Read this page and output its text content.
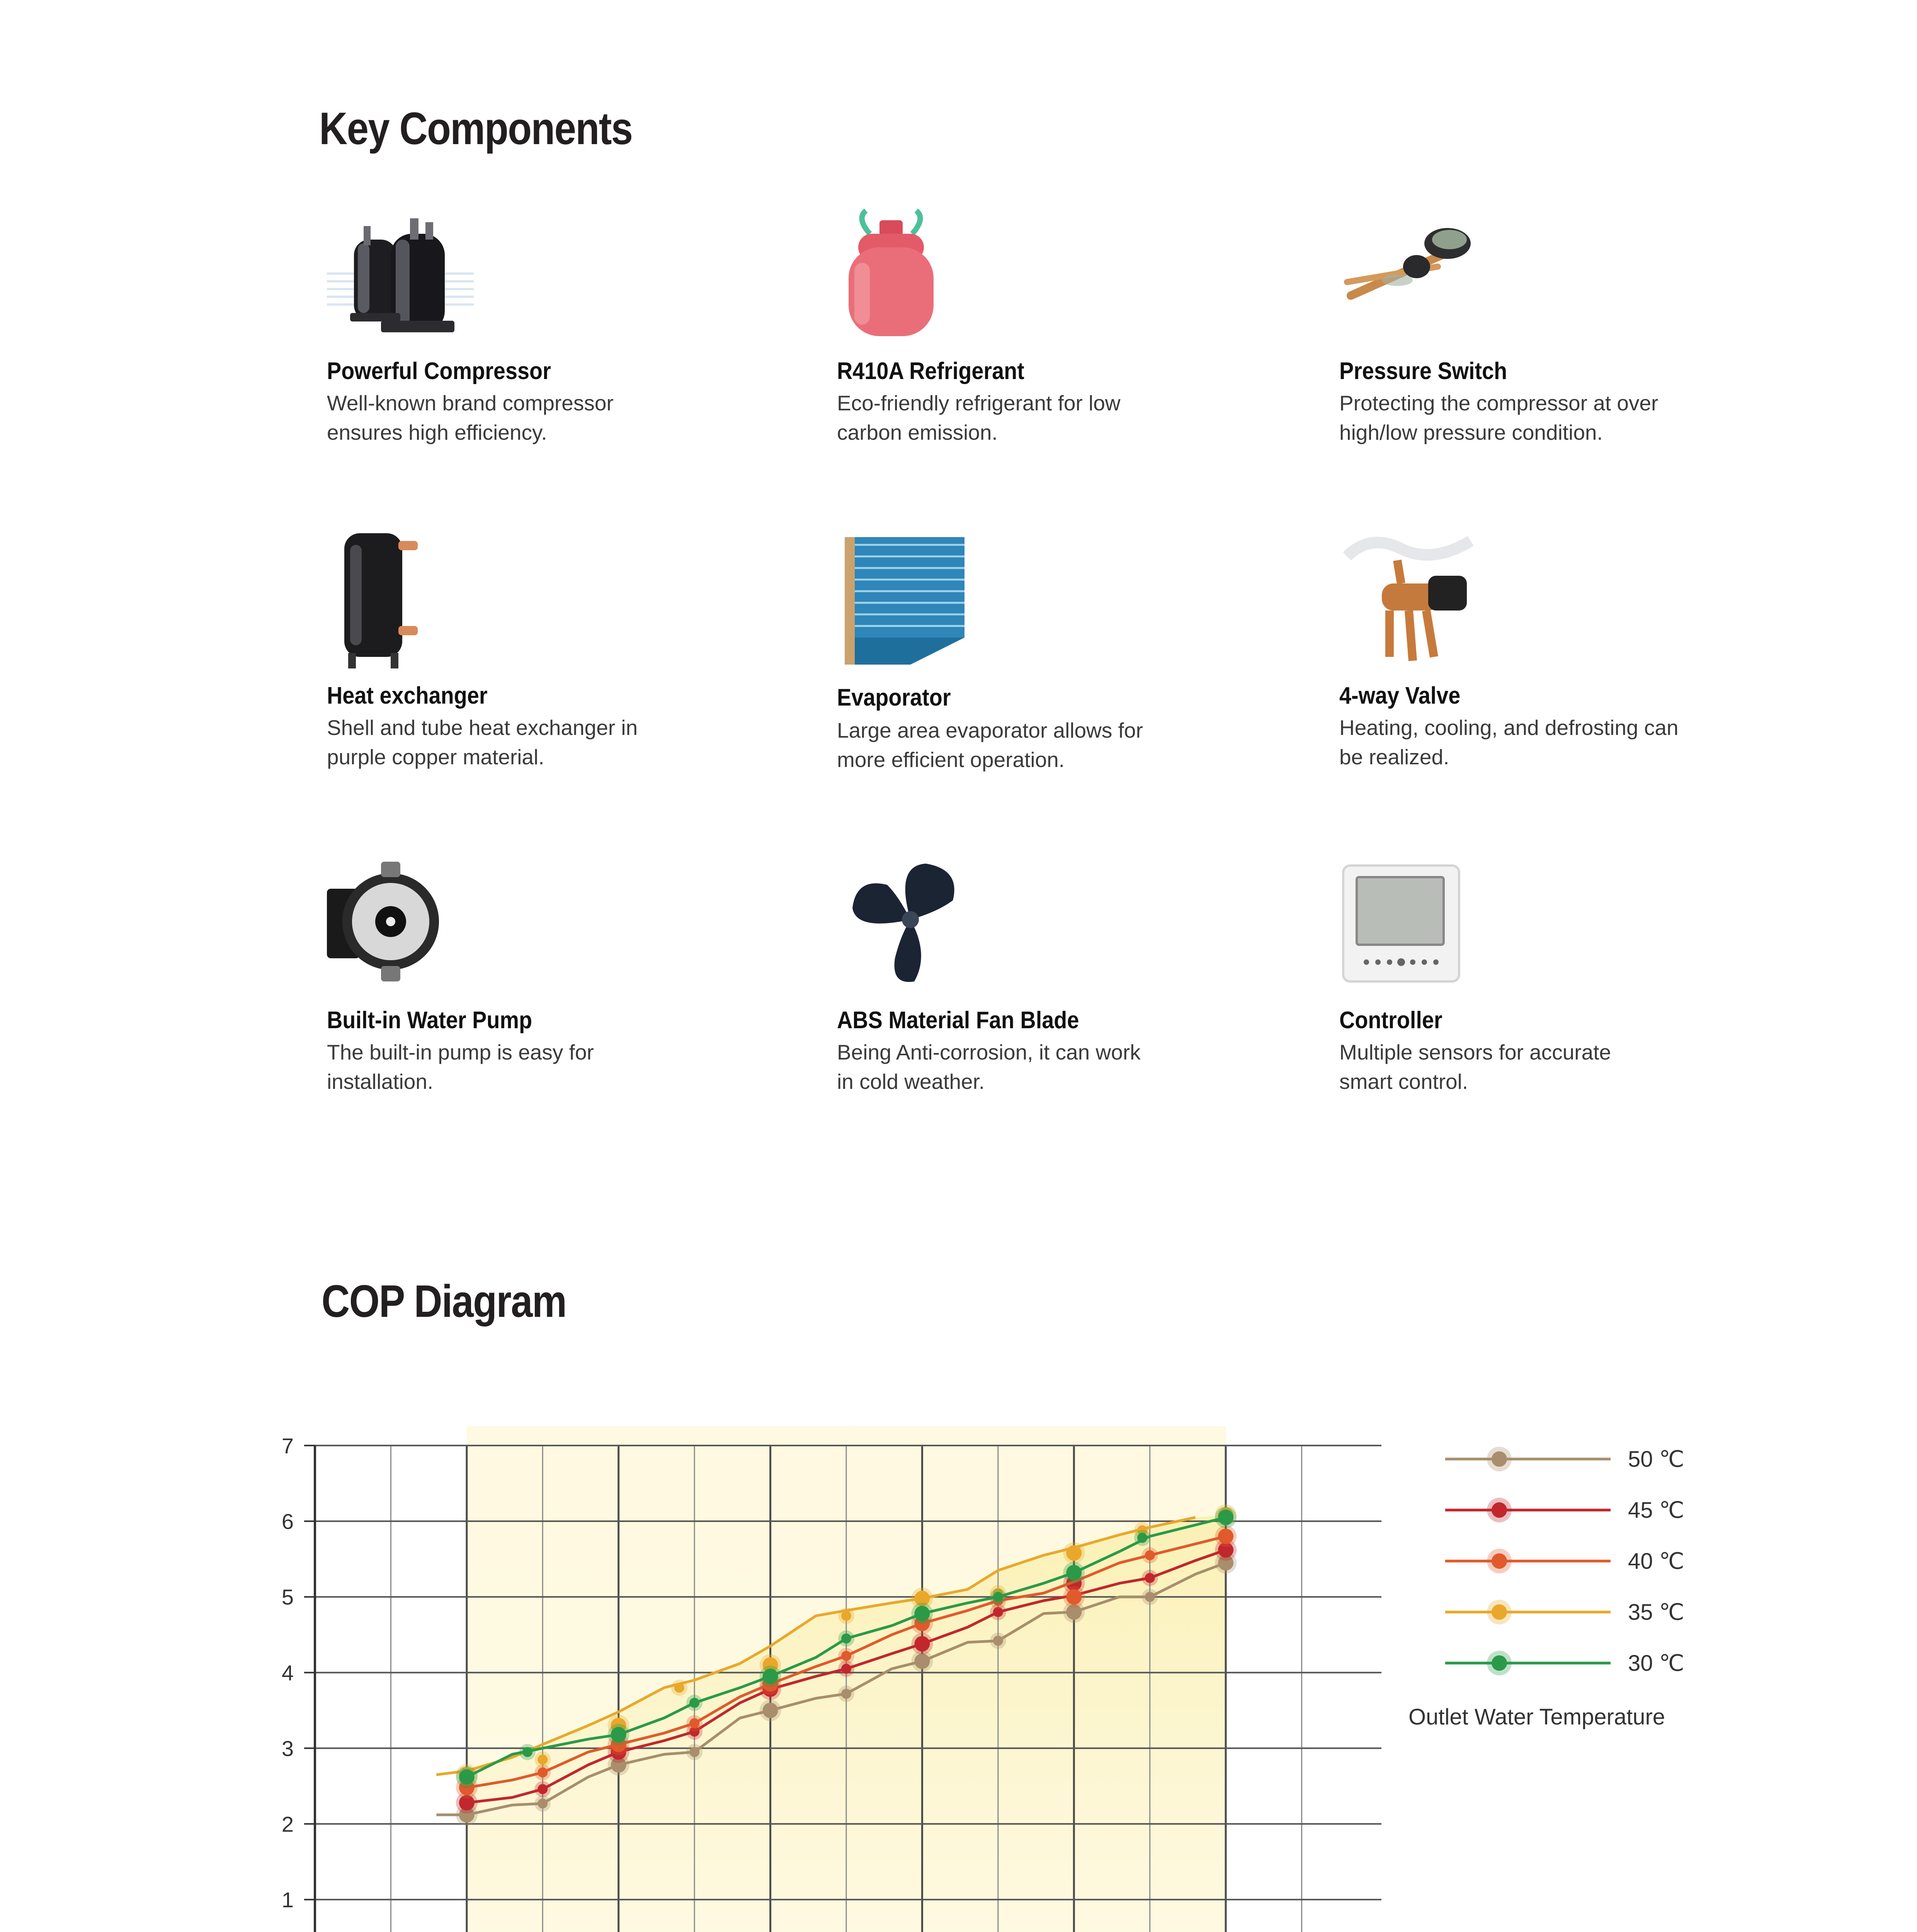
Key Components
Powerful Compressor
Well-known brand compressor
ensures high efficiency.
R410A Refrigerant
Eco-friendly refrigerant for low
carbon emission.
Pressure Switch
Protecting the compressor at over
high/low pressure condition.
Heat exchanger
Shell and tube heat exchanger in
purple copper material.
Evaporator
Large area evaporator allows for
more efficient operation.
4-way Valve
Heating, cooling, and defrosting can
be realized.
Built-in Water Pump
The built-in pump is easy for
installation.
ABS Material Fan Blade
Being Anti-corrosion, it can work
in cold weather.
Controller
Multiple sensors for accurate
smart control.
COP Diagram
1
2
3
4
5
6
7
50 ℃
45 ℃
40 ℃
35 ℃
30 ℃
Outlet Water Temperature
